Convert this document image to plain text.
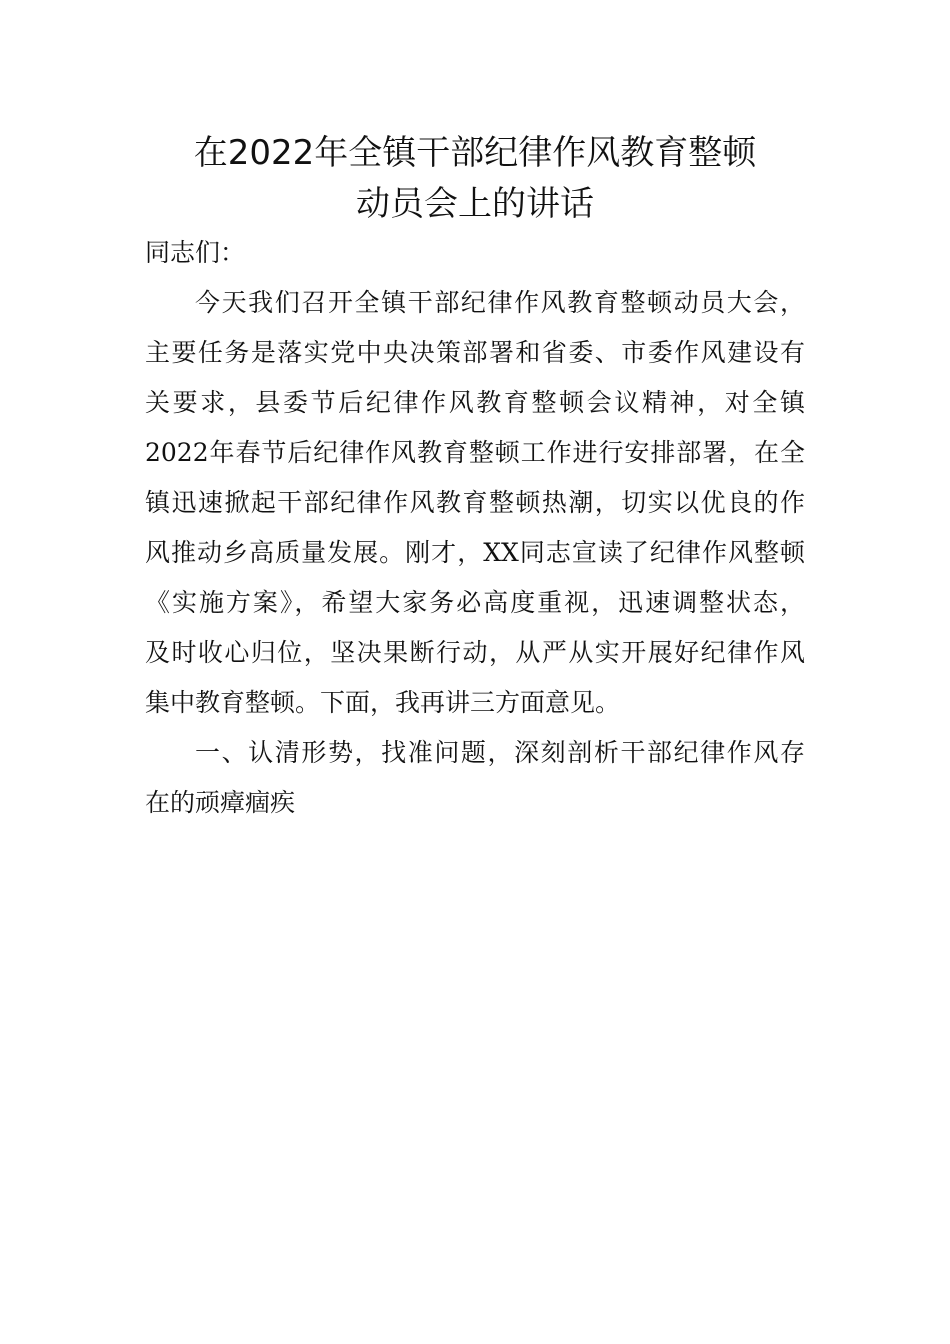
在2022年全镇干部纪律作风教育整顿
动员会上的讲话
同志们：
今天我们召开全镇干部纪律作风教育整顿动员大会，
主要任务是落实党中央决策部署和省委、市委作风建设有
关要求，县委节后纪律作风教育整顿会议精神，对全镇
2022年春节后纪律作风教育整顿工作进行安排部署，在全
镇迅速掀起干部纪律作风教育整顿热潮，切实以优良的作
风推动乡高质量发展。刚才，XX同志宣读了纪律作风整顿
《实施方案》，希望大家务必高度重视，迅速调整状态，
及时收心归位，坚决果断行动，从严从实开展好纪律作风
集中教育整顿。下面，我再讲三方面意见。
一、认清形势，找准问题，深刻剖析干部纪律作风存
在的顽瘴痼疾
